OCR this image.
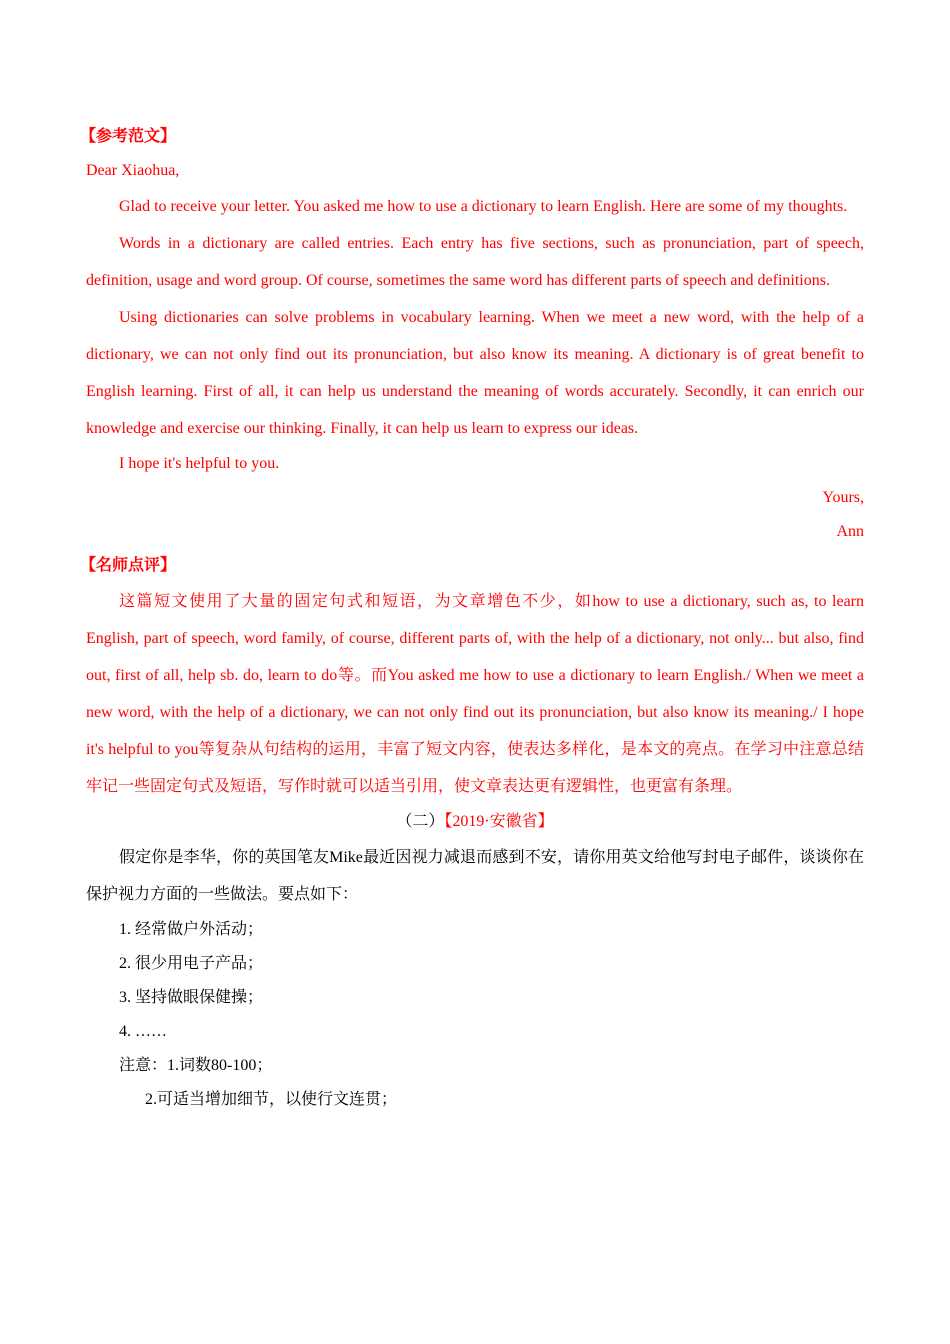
【参考范文】
Dear Xiaohua,

Glad to receive your letter. You asked me how to use a dictionary to learn English. Here are some of my thoughts.

Words in a dictionary are called entries. Each entry has five sections, such as pronunciation, part of speech, definition, usage and word group. Of course, sometimes the same word has different parts of speech and definitions.

Using dictionaries can solve problems in vocabulary learning. When we meet a new word, with the help of a dictionary, we can not only find out its pronunciation, but also know its meaning. A dictionary is of great benefit to English learning. First of all, it can help us understand the meaning of words accurately. Secondly, it can enrich our knowledge and exercise our thinking. Finally, it can help us learn to express our ideas.

I hope it's helpful to you.
Yours,
Ann
【名师点评】

这篇短文使用了大量的固定句式和短语，为文章增色不少，如how to use a dictionary, such as, to learn English, part of speech, word family, of course, different parts of, with the help of a dictionary, not only... but also, find out, first of all, help sb. do, learn to do等。而You asked me how to use a dictionary to learn English./ When we meet a new word, with the help of a dictionary, we can not only find out its pronunciation, but also know its meaning./ I hope it's helpful to you等复杂从句结构的运用，丰富了短文内容，使表达多样化，是本文的亮点。在学习中注意总结牢记一些固定句式及短语，写作时就可以适当引用，使文章表达更有逻辑性，也更富有条理。

（二）【2019·安徽省】

假定你是李华，你的英国笔友Mike最近因视力减退而感到不安，请你用英文给他写封电子邮件，谈谈你在保护视力方面的一些做法。要点如下：

1. 经常做户外活动；
2. 很少用电子产品；
3. 坚持做眼保健操；
4. ……
注意：1.词数80-100；
2.可适当增加细节，以使行文连贯；
